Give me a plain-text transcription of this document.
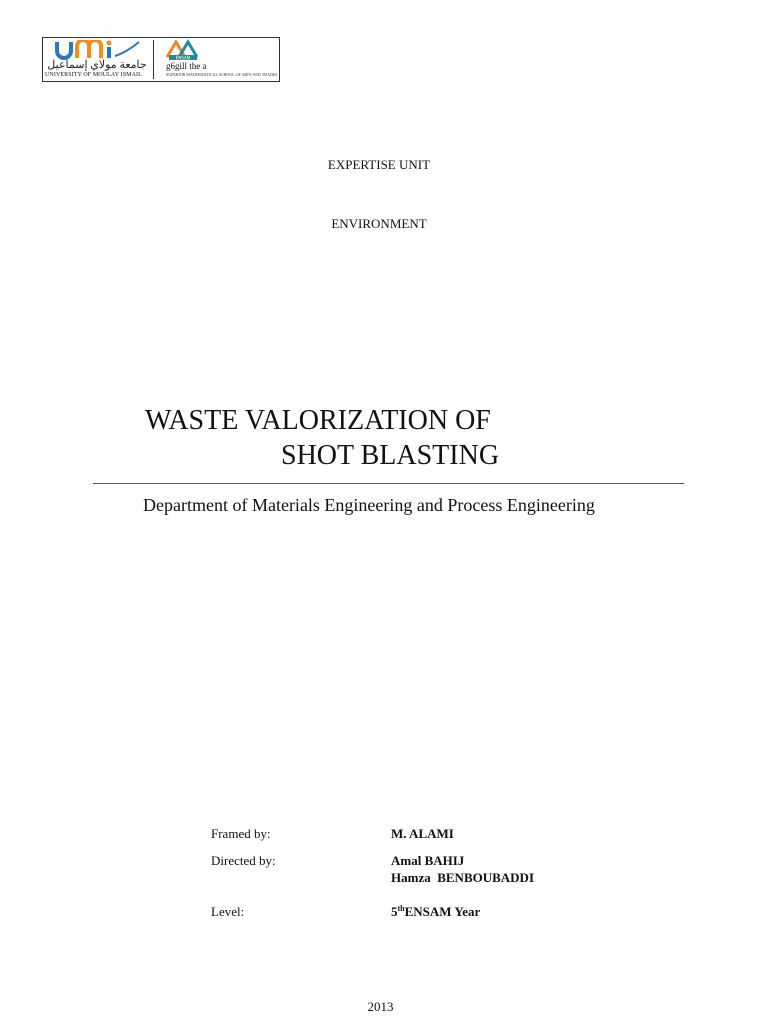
جامعة مولاي إسماعيل
UNIVERSITY OF MOULAY ISMAIL
ENSAM
g6gill the a
SUPERIOR MATHEMATICAL SCHOOL OF ARTS AND TRADES
EXPERTISE UNIT
ENVIRONMENT
WASTE VALORIZATION OF
SHOT BLASTING
Department of Materials Engineering and Process Engineering
Framed by:	M. ALAMI
Directed by:	Amal BAHIJ
Hamza  BENBOUBADDI
Level:	5thENSAM Year
2013
